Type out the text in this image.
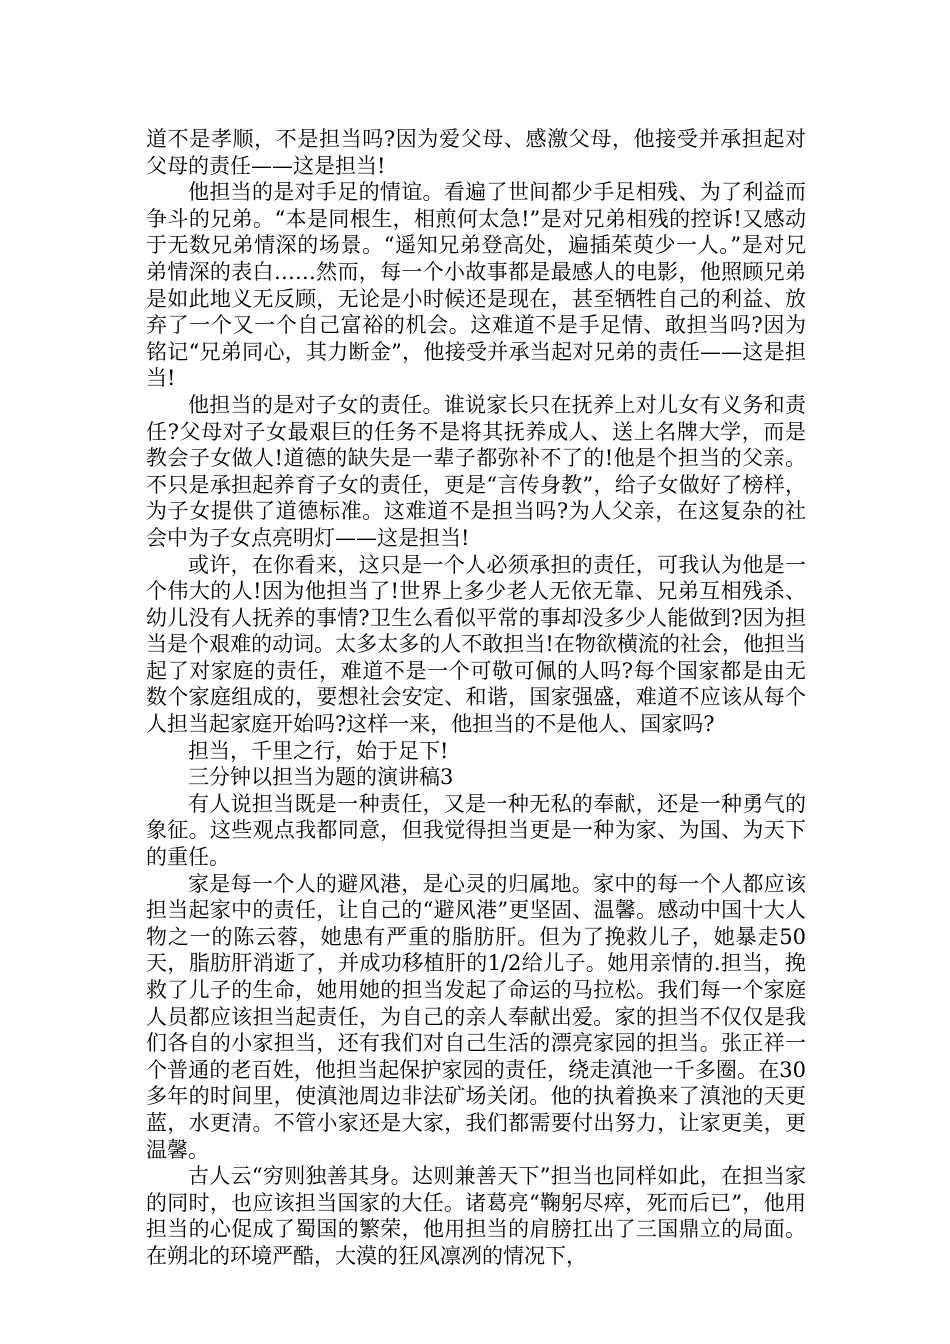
道不是孝顺，不是担当吗?因为爱父母、感激父母，他接受并承担起对父母的责任——这是担当!

他担当的是对手足的情谊。看遍了世间都少手足相残、为了利益而争斗的兄弟。“本是同根生，相煎何太急!”是对兄弟相残的控诉!又感动于无数兄弟情深的场景。“遥知兄弟登高处，遍插茱萸少一人。”是对兄弟情深的表白……然而，每一个小故事都是最感人的电影，他照顾兄弟是如此地义无反顾，无论是小时候还是现在，甚至牺牲自己的利益、放弃了一个又一个自己富裕的机会。这难道不是手足情、敢担当吗?因为铭记“兄弟同心，其力断金”，他接受并承当起对兄弟的责任——这是担当!

他担当的是对子女的责任。谁说家长只在抚养上对儿女有义务和责任?父母对子女最艰巨的任务不是将其抚养成人、送上名牌大学，而是教会子女做人!道德的缺失是一辈子都弥补不了的!他是个担当的父亲。不只是承担起养育子女的责任，更是“言传身教”，给子女做好了榜样，为子女提供了道德标准。这难道不是担当吗?为人父亲，在这复杂的社会中为子女点亮明灯——这是担当!

或许，在你看来，这只是一个人必须承担的责任，可我认为他是一个伟大的人!因为他担当了!世界上多少老人无依无靠、兄弟互相残杀、幼儿没有人抚养的事情?卫生么看似平常的事却没多少人能做到?因为担当是个艰难的动词。太多太多的人不敢担当!在物欲横流的社会，他担当起了对家庭的责任，难道不是一个可敬可佩的人吗?每个国家都是由无数个家庭组成的，要想社会安定、和谐，国家强盛，难道不应该从每个人担当起家庭开始吗?这样一来，他担当的不是他人、国家吗?

担当，千里之行，始于足下!

三分钟以担当为题的演讲稿3

有人说担当既是一种责任，又是一种无私的奉献，还是一种勇气的象征。这些观点我都同意，但我觉得担当更是一种为家、为国、为天下的重任。

家是每一个人的避风港，是心灵的归属地。家中的每一个人都应该担当起家中的责任，让自己的“避风港”更坚固、温馨。感动中国十大人物之一的陈云蓉，她患有严重的脂肪肝。但为了挽救儿子，她暴走50天，脂肪肝消逝了，并成功移植肝的1/2给儿子。她用亲情的.担当，挽救了儿子的生命，她用她的担当发起了命运的马拉松。我们每一个家庭人员都应该担当起责任，为自己的亲人奉献出爱。家的担当不仅仅是我们各自的小家担当，还有我们对自己生活的漂亮家园的担当。张正祥一个普通的老百姓，他担当起保护家园的责任，绕走滇池一千多圈。在30多年的时间里，使滇池周边非法矿场关闭。他的执着换来了滇池的天更蓝，水更清。不管小家还是大家，我们都需要付出努力，让家更美，更温馨。

古人云“穷则独善其身。达则兼善天下”担当也同样如此，在担当家的同时，也应该担当国家的大任。诸葛亮“鞠躬尽瘁，死而后已”，他用担当的心促成了蜀国的繁荣，他用担当的肩膀扛出了三国鼎立的局面。在朔北的环境严酷，大漠的狂风凛冽的情况下，
